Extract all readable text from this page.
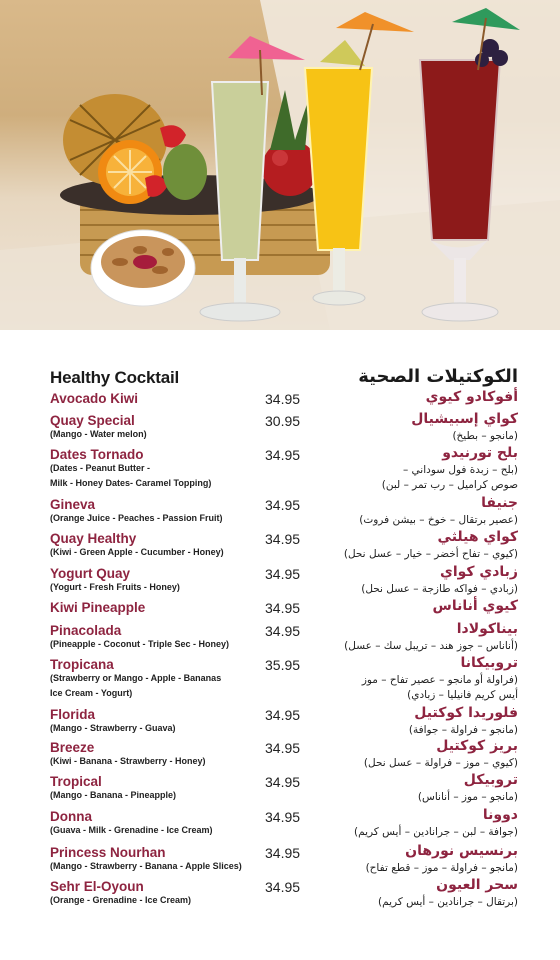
Healthy Cocktail	الكوكتيلات الصحية
Avocado Kiwi	34.95	أفوكادو كيوي
Quay Special	30.95	كواي إسبيشيال
(Mango - Water melon)	(مانجو – بطيخ)
Dates Tornado	34.95	بلح تورنيدو
(Dates - Peanut Butter -
Milk - Honey Dates- Caramel Topping)
(بلح – زبدة فول سوداني –
صوص كراميل – رب تمر – لبن)
Gineva	34.95	جنيفا
(Orange Juice - Peaches - Passion Fruit)	(عصير برتقال – خوخ – بيشن فروت)
Quay Healthy	34.95	كواي هيلثي
(Kiwi - Green Apple - Cucumber - Honey)	(كيوي – تفاح أخضر – خيار – عسل نحل)
Yogurt Quay	34.95	زبادي كواي
(Yogurt - Fresh Fruits - Honey)	(زبادي – فواكه طازجة – عسل نحل)
Kiwi Pineapple	34.95	كيوي أناناس
Pinacolada	34.95	بيناكولادا
(Pineapple - Coconut - Triple Sec - Honey)	(أناناس – جوز هند – تريبل سك – عسل)
Tropicana	35.95	تروبيكانا
(Strawberry or Mango - Apple - Bananas
Ice Cream - Yogurt)
(فراولة أو مانجو – عصير تفاح – موز
أيس كريم فانيليا – زبادي)
Florida	34.95	فلوريدا كوكتيل
(Mango - Strawberry - Guava)	(مانجو – فراولة – جوافة)
Breeze	34.95	بريز كوكتيل
(Kiwi - Banana - Strawberry - Honey)	(كيوي – موز – فراولة – عسل نحل)
Tropical	34.95	تروبيكل
(Mango - Banana - Pineapple)	(مانجو – موز – أناناس)
Donna	34.95	دوونا
(Guava - Milk - Grenadine - Ice Cream)	(جوافة – لبن – جرانادين – أيس كريم)
Princess Nourhan	34.95	برنسيس نورهان
(Mango - Strawberry - Banana - Apple Slices)	(مانجو – فراولة – موز – قطع تفاح)
Sehr El-Oyoun	34.95	سحر العيون
(Orange - Grenadine - Ice Cream)	(برتقال – جرانادين – أيس كريم)
